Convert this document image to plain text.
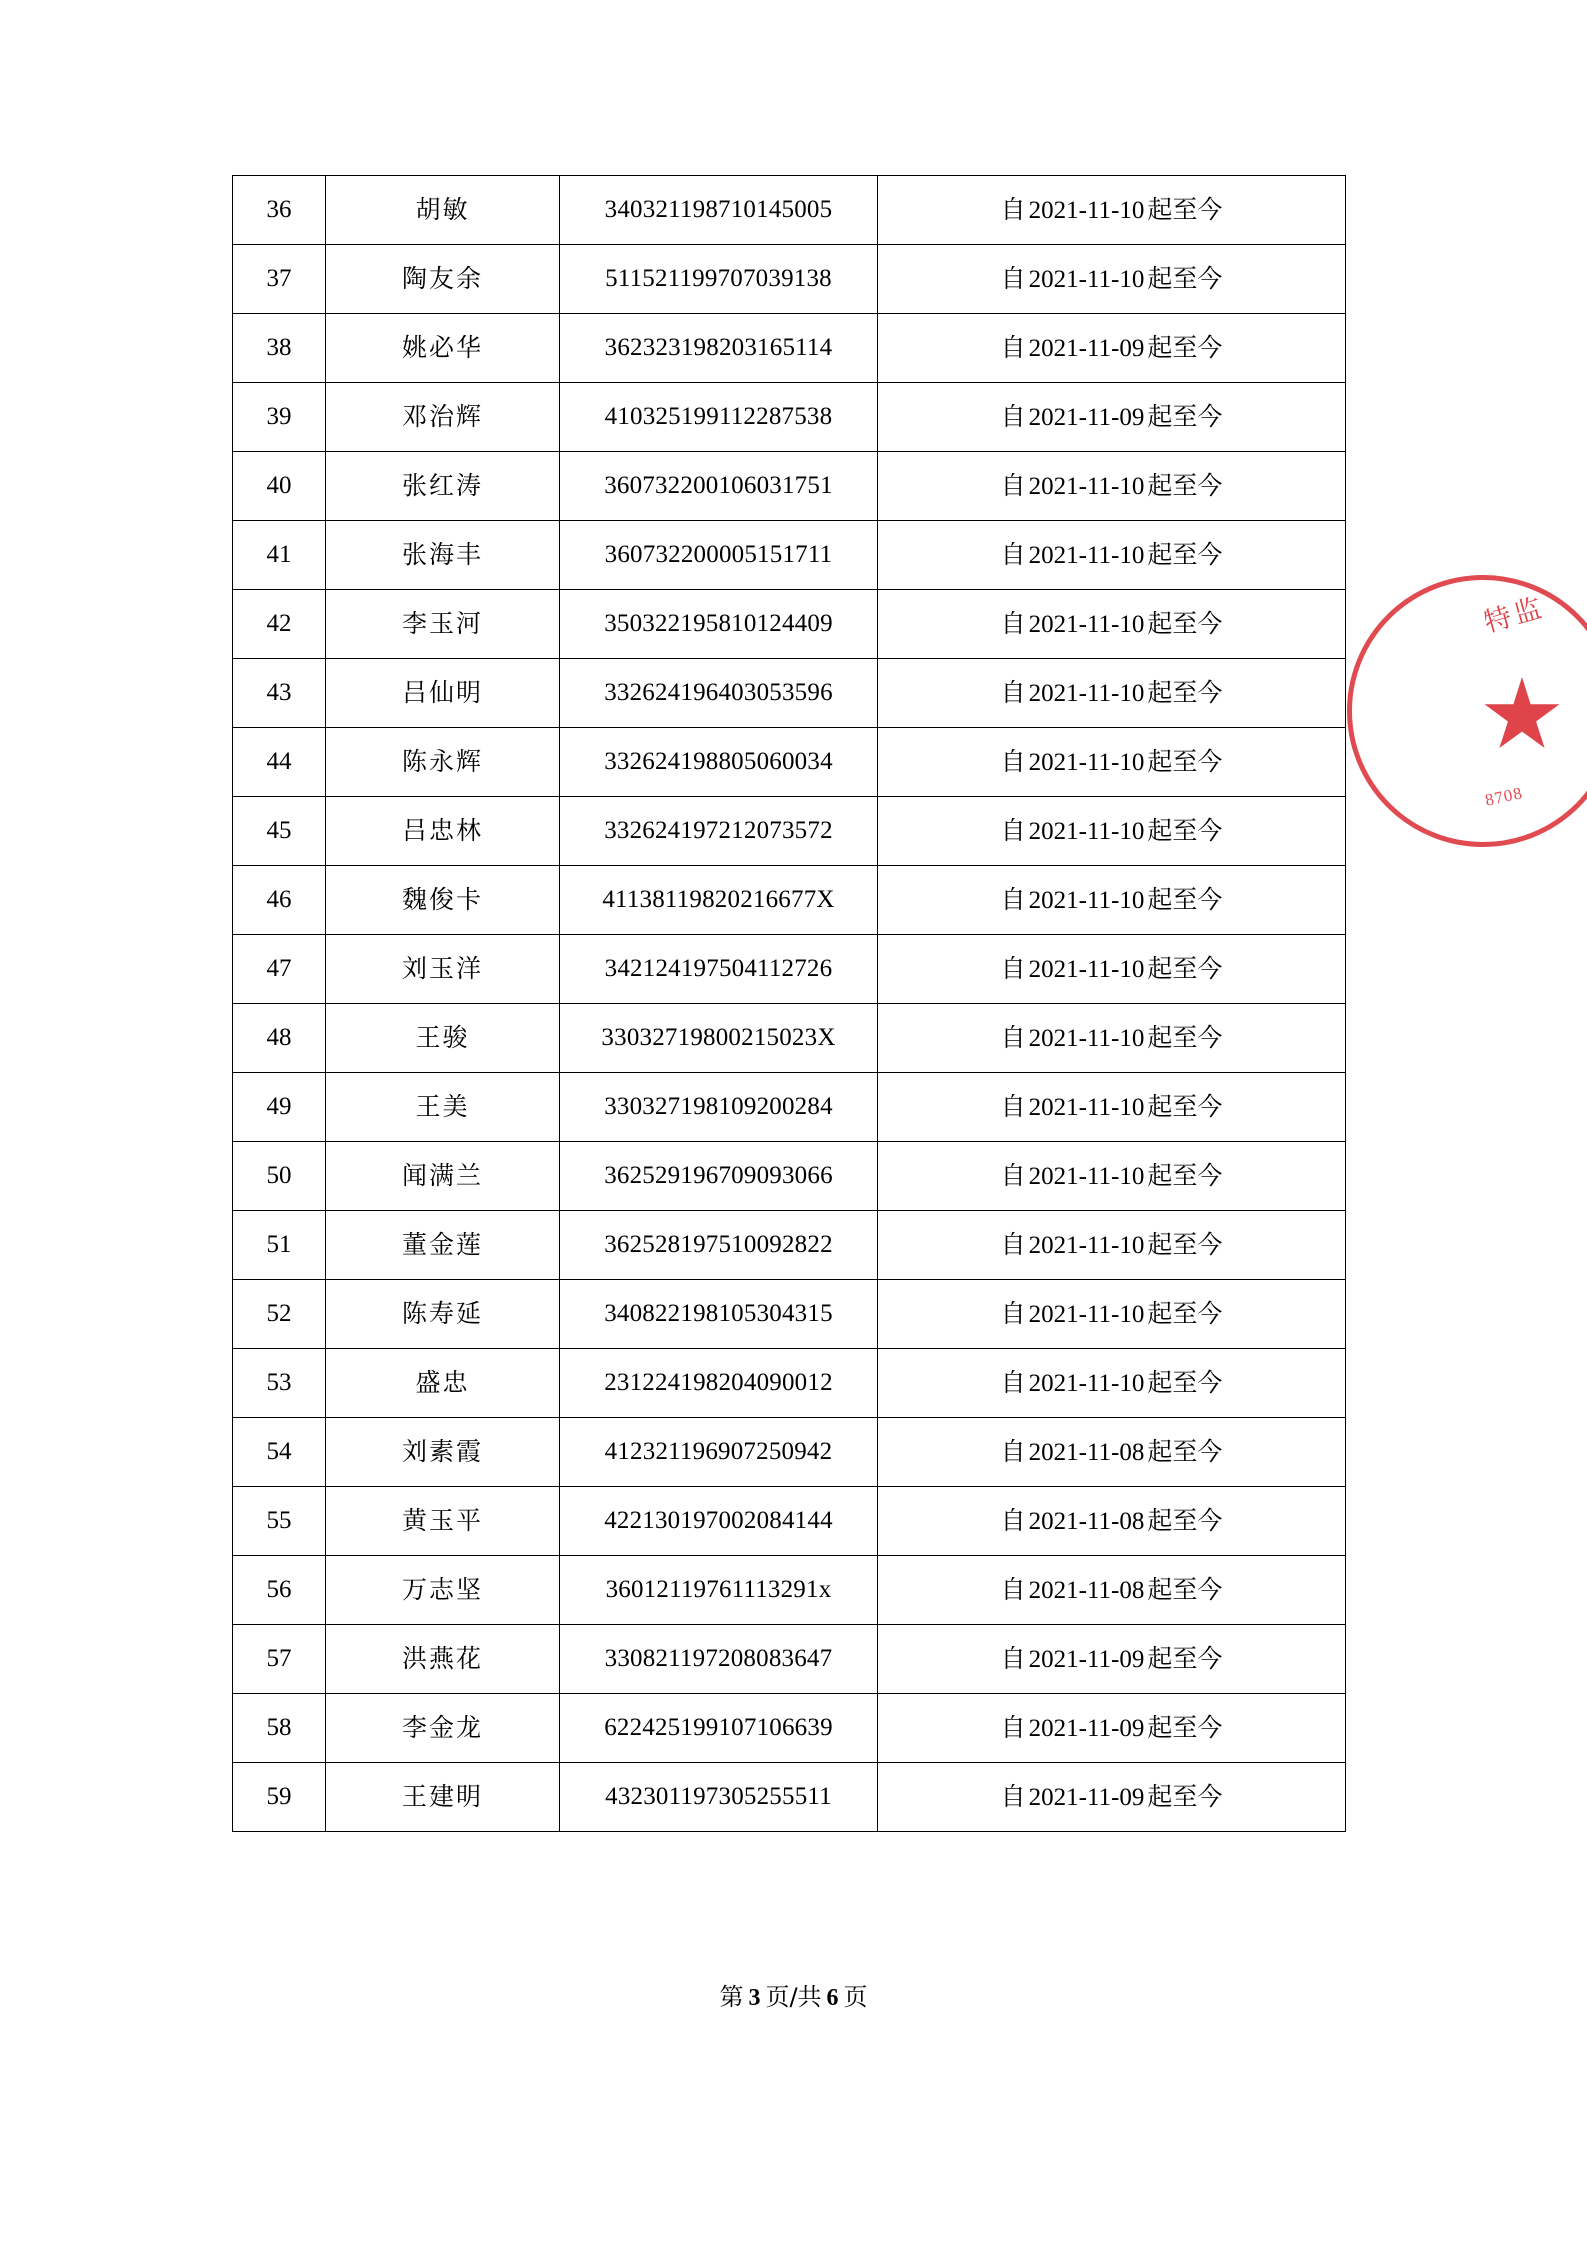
36	胡敏	340321198710145005	自 2021-11-10 起至今
37	陶友余	511521199707039138	自 2021-11-10 起至今
38	姚必华	362323198203165114	自 2021-11-09 起至今
39	邓治辉	410325199112287538	自 2021-11-09 起至今
40	张红涛	360732200106031751	自 2021-11-10 起至今
41	张海丰	360732200005151711	自 2021-11-10 起至今
42	李玉河	350322195810124409	自 2021-11-10 起至今
43	吕仙明	332624196403053596	自 2021-11-10 起至今
44	陈永辉	332624198805060034	自 2021-11-10 起至今
45	吕忠林	332624197212073572	自 2021-11-10 起至今
46	魏俊卡	41138119820216677X	自 2021-11-10 起至今
47	刘玉洋	342124197504112726	自 2021-11-10 起至今
48	王骏	33032719800215023X	自 2021-11-10 起至今
49	王美	330327198109200284	自 2021-11-10 起至今
50	闻满兰	362529196709093066	自 2021-11-10 起至今
51	董金莲	362528197510092822	自 2021-11-10 起至今
52	陈寿延	340822198105304315	自 2021-11-10 起至今
53	盛忠	231224198204090012	自 2021-11-10 起至今
54	刘素霞	412321196907250942	自 2021-11-08 起至今
55	黄玉平	422130197002084144	自 2021-11-08 起至今
56	万志坚	36012119761113291x	自 2021-11-08 起至今
57	洪燕花	330821197208083647	自 2021-11-09 起至今
58	李金龙	622425199107106639	自 2021-11-09 起至今
59	王建明	432301197305255511	自 2021-11-09 起至今
特监
8708
第 3 页/共 6 页
